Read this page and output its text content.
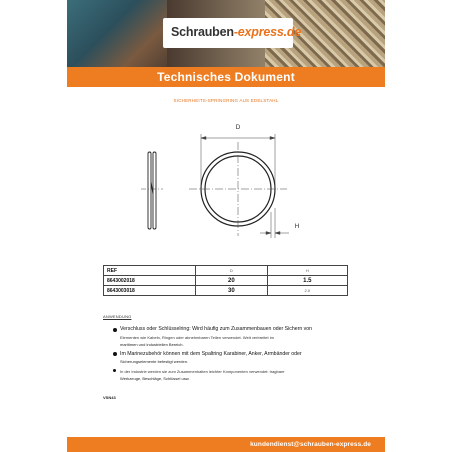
Schrauben-express.de
Technisches Dokument
SICHERHEITS-SPRINGRING AUS EDELSTAHL
D
H
REF	D	H
8643002018	20	1.5
8643003018	30	2.0
ANWENDUNG
Verschluss oder Schlüsselring: Wird häufig zum Zusammenbauen oder Sichern von
Elementen wie Kabeln, Ringen oder abnehmbaren Teilen verwendet. Weit verbreitet im
maritimen und industriellen Bereich.
Im Marinezubehör können mit dem Spaltring Karabiner, Anker, Armbänder oder
Sicherungselemente befestigt werden.
In der Industrie werden sie zum Zusammenhalten leichter Komponenten verwendet: tragbare
Werkzeuge, Beschläge, Schlüssel usw.
VSN43
kundendienst@schrauben-express.de
